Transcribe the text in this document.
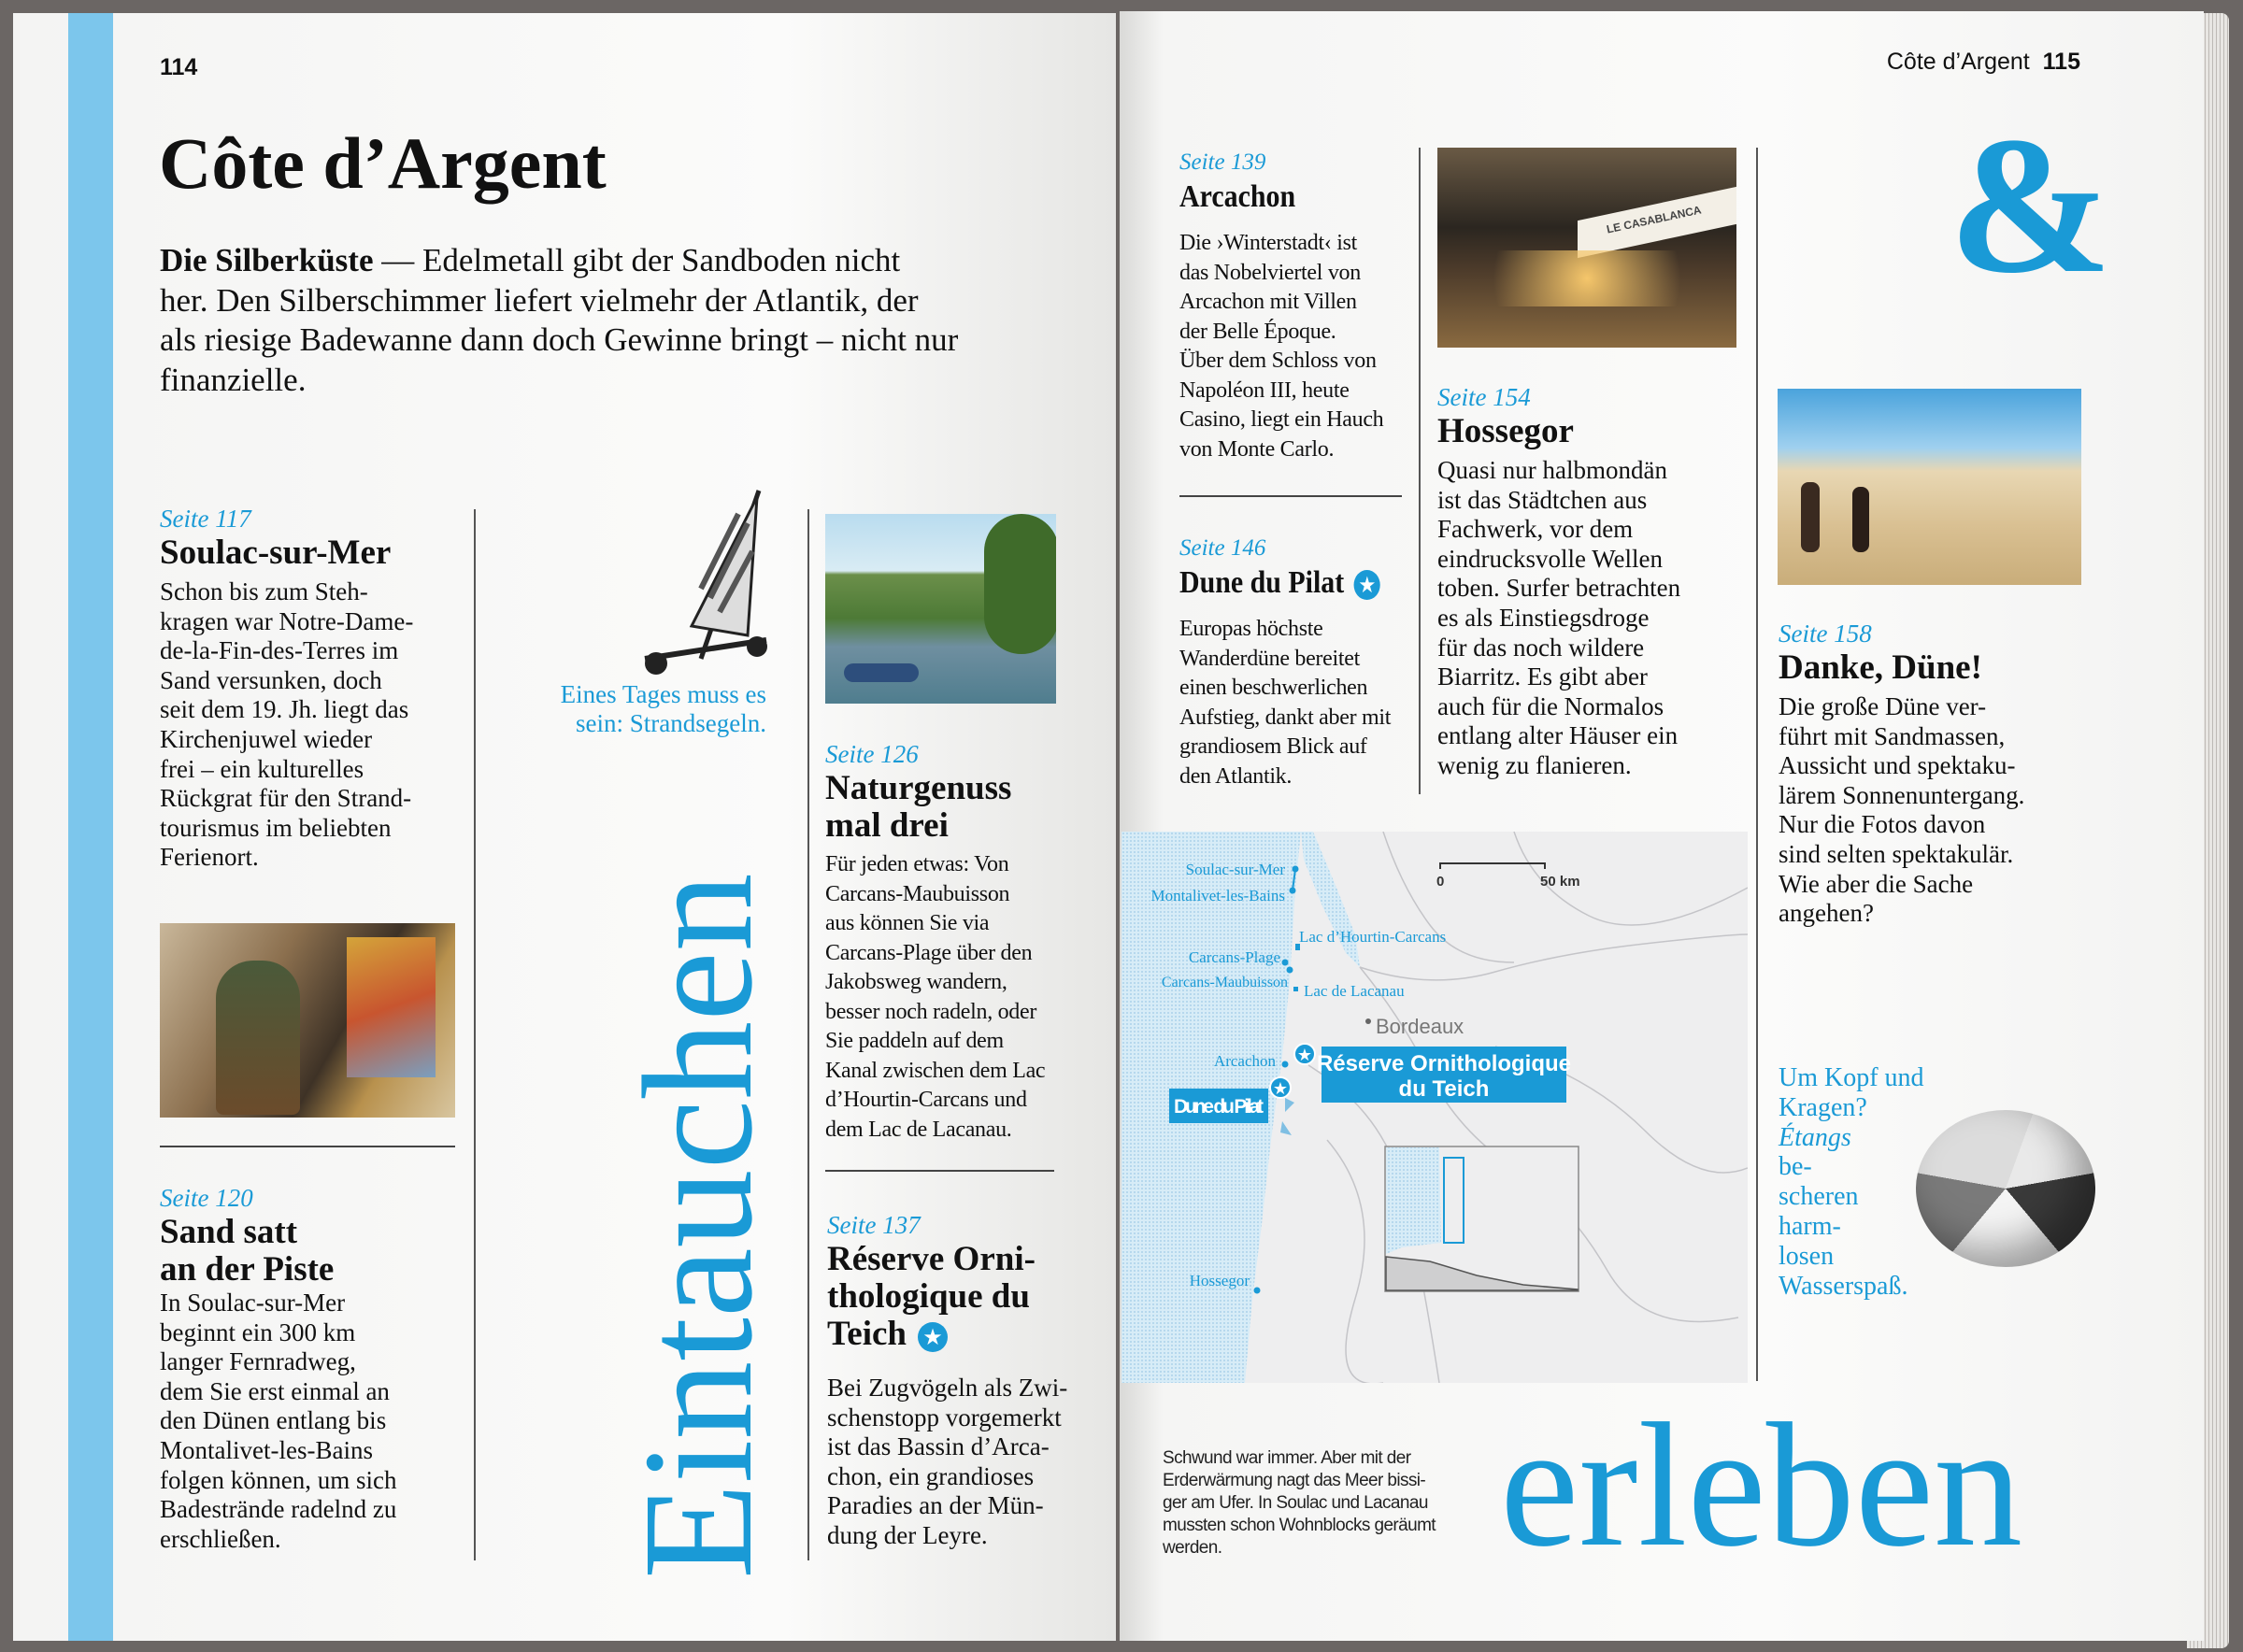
114
Côte d’Argent
Die Silberküste — Edelmetall gibt der Sandboden nicht
her. Den Silberschimmer liefert vielmehr der Atlantik, der
als riesige Badewanne dann doch Gewinne bringt – nicht nur
finanzielle.
Seite 117
Soulac-sur-Mer
Schon bis zum Steh-
kragen war Notre-Dame-
de-la-Fin-des-Terres im
Sand versunken, doch
seit dem 19. Jh. liegt das
Kirchenjuwel wieder
frei – ein kulturelles
Rückgrat für den Strand-
tourismus im beliebten
Ferienort.
Seite 120
Sand satt
an der Piste
In Soulac-sur-Mer
beginnt ein 300 km
langer Fernradweg,
dem Sie erst einmal an
den Dünen entlang bis
Montalivet-les-Bains
folgen können, um sich
Badestrände radelnd zu
erschließen.
Eines Tages muss es
sein: Strandsegeln.
Eintauchen
Seite 126
Naturgenuss
mal drei
Für jeden etwas: Von
Carcans-Maubuisson
aus können Sie via
Carcans-Plage über den
Jakobsweg wandern,
besser noch radeln, oder
Sie paddeln auf dem
Kanal zwischen dem Lac
d’Hourtin-Carcans und
dem Lac de Lacanau.
Seite 137
Réserve Orni-
thologique du
Teich ★
Bei Zugvögeln als Zwi-
schenstopp vorgemerkt
ist das Bassin d’Arca-
chon, ein grandioses
Paradies an der Mün-
dung der Leyre.
Côte d’Argent 115
Seite 139
Arcachon
Die ›Winterstadt‹ ist
das Nobelviertel von
Arcachon mit Villen
der Belle Époque.
Über dem Schloss von
Napoléon III, heute
Casino, liegt ein Hauch
von Monte Carlo.
Seite 146
Dune du Pilat ★
Europas höchste
Wanderdüne bereitet
einen beschwerlichen
Aufstieg, dankt aber mit
grandiosem Blick auf
den Atlantik.
LE CASABLANCA
Seite 154
Hossegor
Quasi nur halbmondän
ist das Städtchen aus
Fachwerk, vor dem
eindrucksvolle Wellen
toben. Surfer betrachten
es als Einstiegsdroge
für das noch wildere
Biarritz. Es gibt aber
auch für die Normalos
entlang alter Häuser ein
wenig zu flanieren.
&
Seite 158
Danke, Düne!
Die große Düne ver-
führt mit Sandmassen,
Aussicht und spektaku-
lärem Sonnenuntergang.
Nur die Fotos davon
sind selten spektakulär.
Wie aber die Sache
angehen?
Um Kopf und
Kragen?
Étangs
be-
scheren
harm-
losen
Wasserspaß.
0	50 km
Soulac-sur-Mer
Montalivet-les-Bains
Lac d’Hourtin-Carcans
Carcans-Plage
Carcans-Maubuisson Lac de Lacanau
Arcachon
Hossegor
Bordeaux
Réserve Ornithologique
du Teich
★
Dune du Pilat
★
Schwund war immer. Aber mit der
Erderwärmung nagt das Meer bissi-
ger am Ufer. In Soulac und Lacanau
mussten schon Wohnblocks geräumt
werden.	erleben
